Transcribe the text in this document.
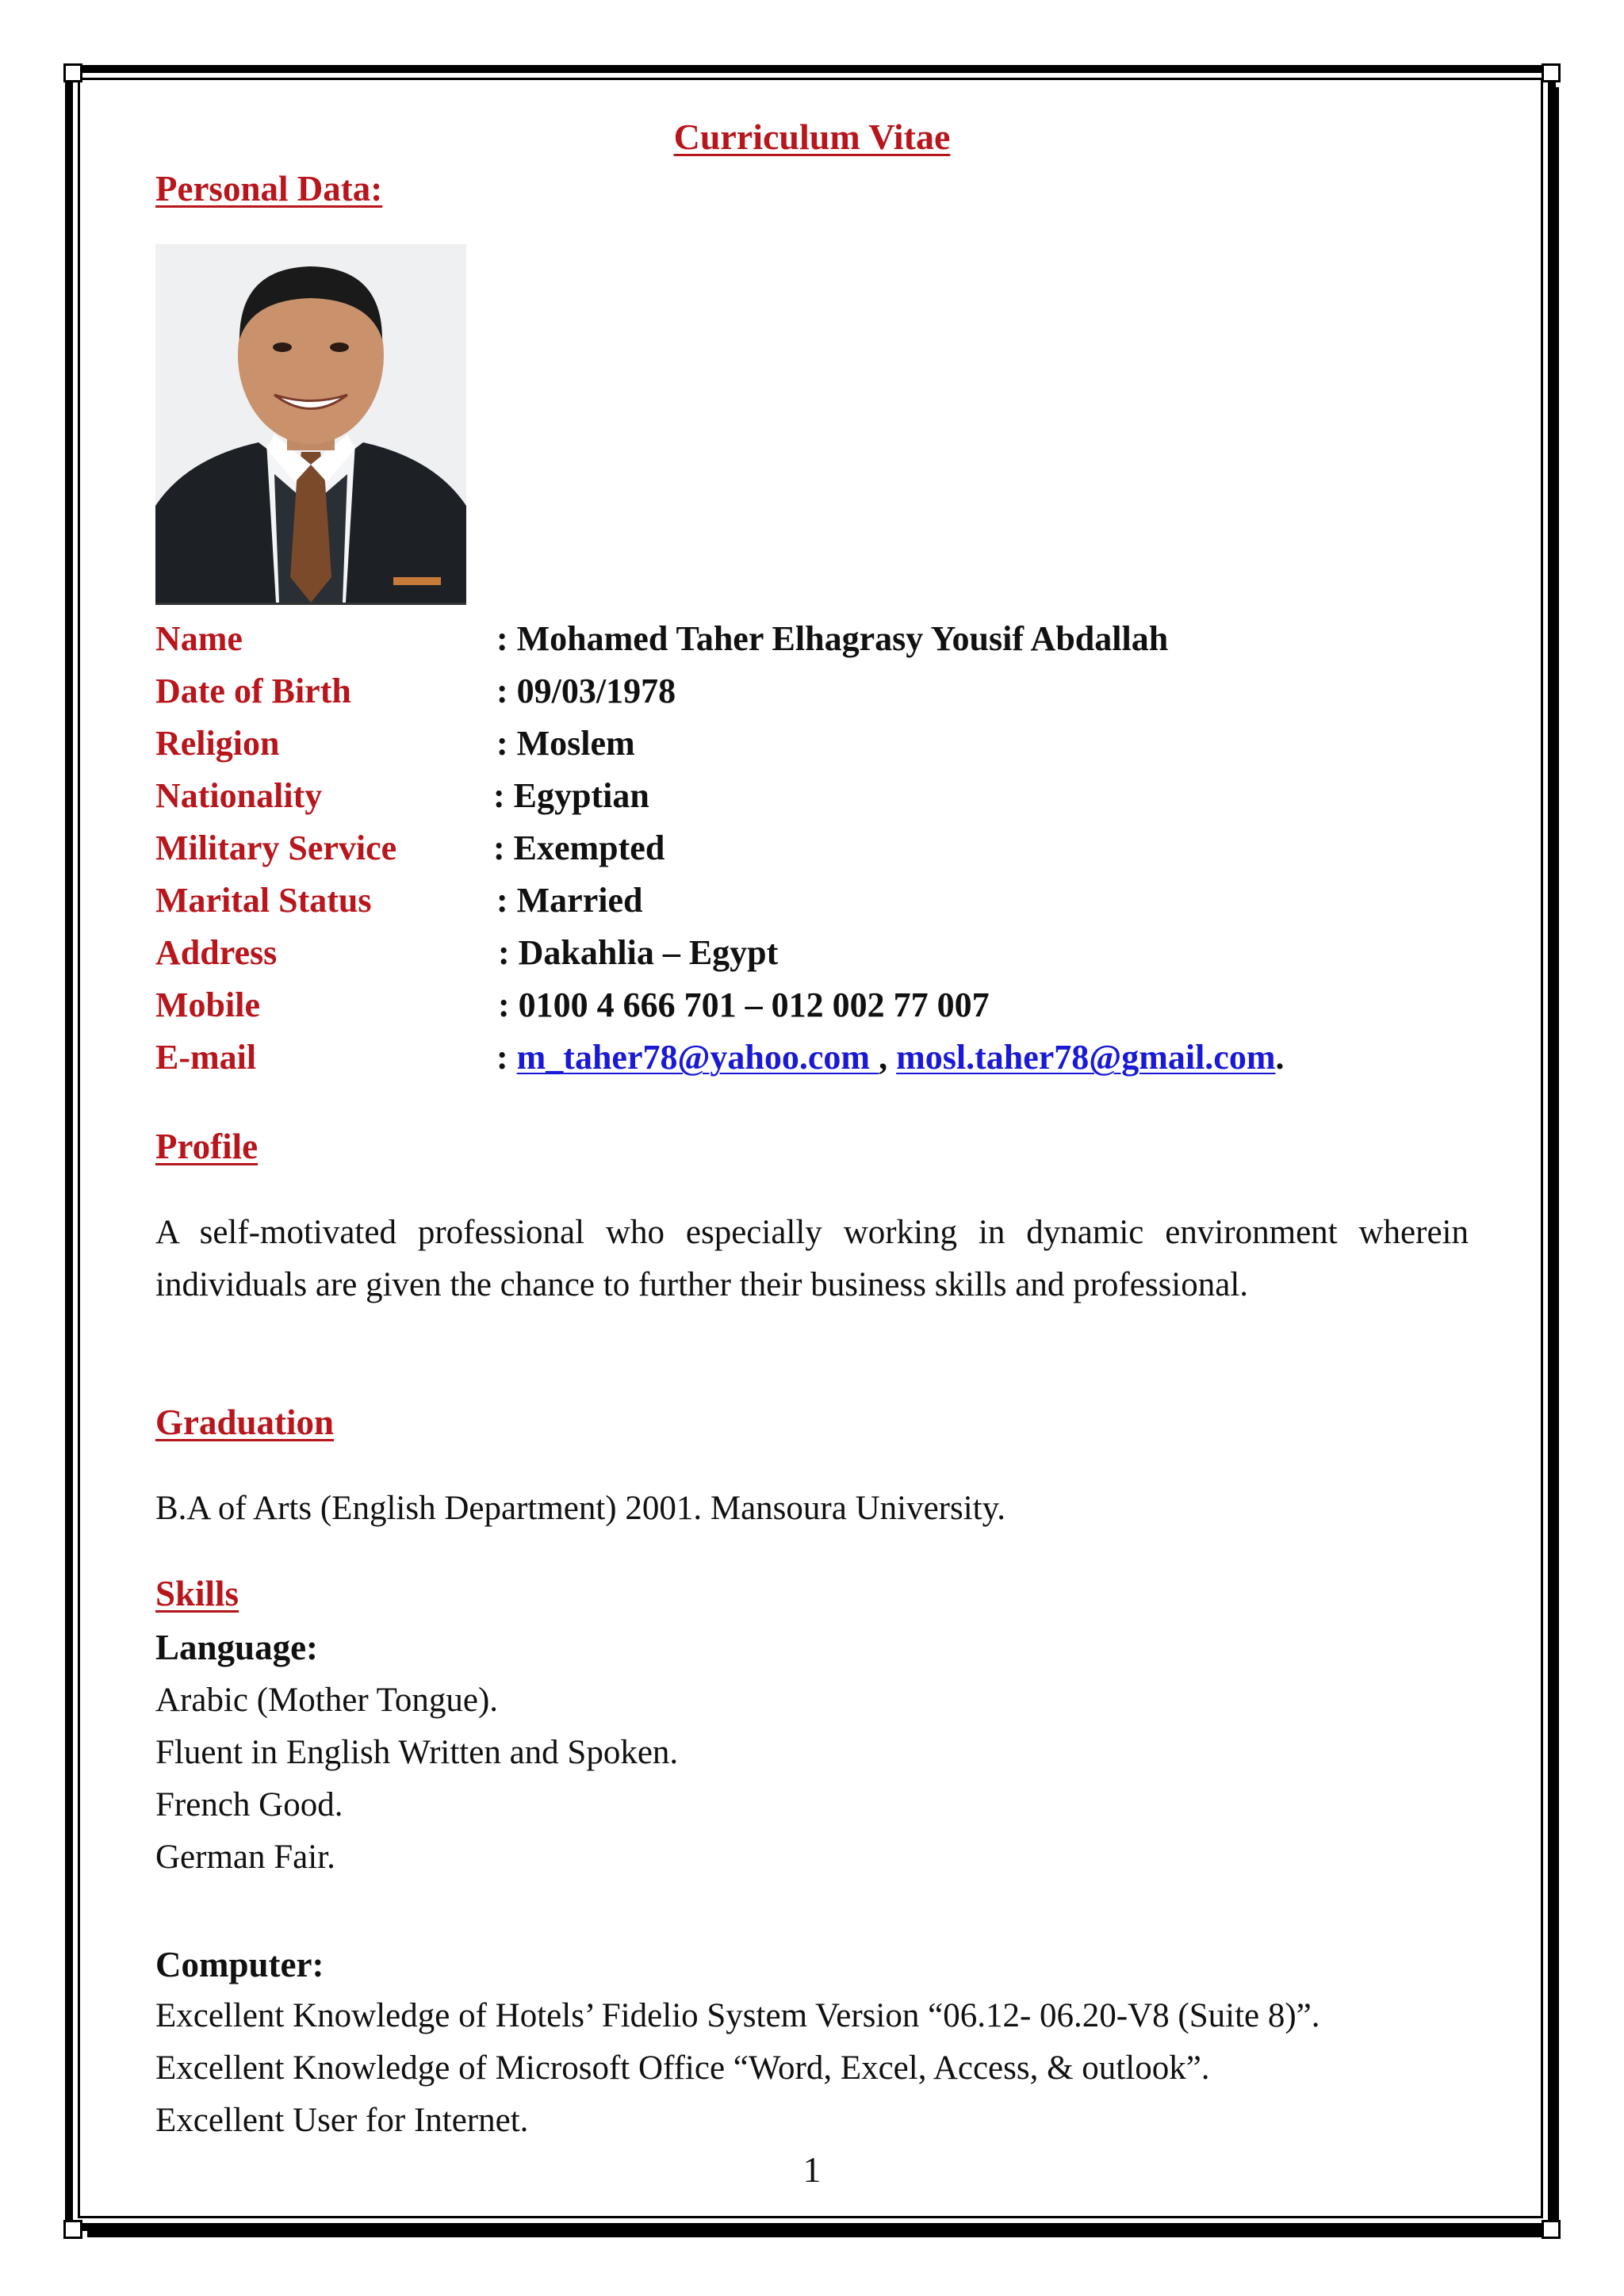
Curriculum Vitae
Personal Data:
Name	: Mohamed Taher Elhagrasy Yousif Abdallah
Date of Birth	: 09/03/1978
Religion	: Moslem
Nationality	: Egyptian
Military Service	: Exempted
Marital Status	: Married
Address	: Dakahlia – Egypt
Mobile	: 0100 4 666 701 – 012 002 77 007
E-mail	: m_taher78@yahoo.com , mosl.taher78@gmail.com.
Profile
A self-motivated professional who especially working in dynamic environment wherein individuals are given the chance to further their business skills and professional.
Graduation
B.A of Arts (English Department) 2001. Mansoura University.
Skills
Language:
Arabic (Mother Tongue).
Fluent in English Written and Spoken.
French Good.
German Fair.
Computer:
Excellent Knowledge of Hotels’ Fidelio System Version “06.12- 06.20-V8 (Suite 8)”.
Excellent Knowledge of Microsoft Office “Word, Excel, Access, & outlook”.
Excellent User for Internet.
1
